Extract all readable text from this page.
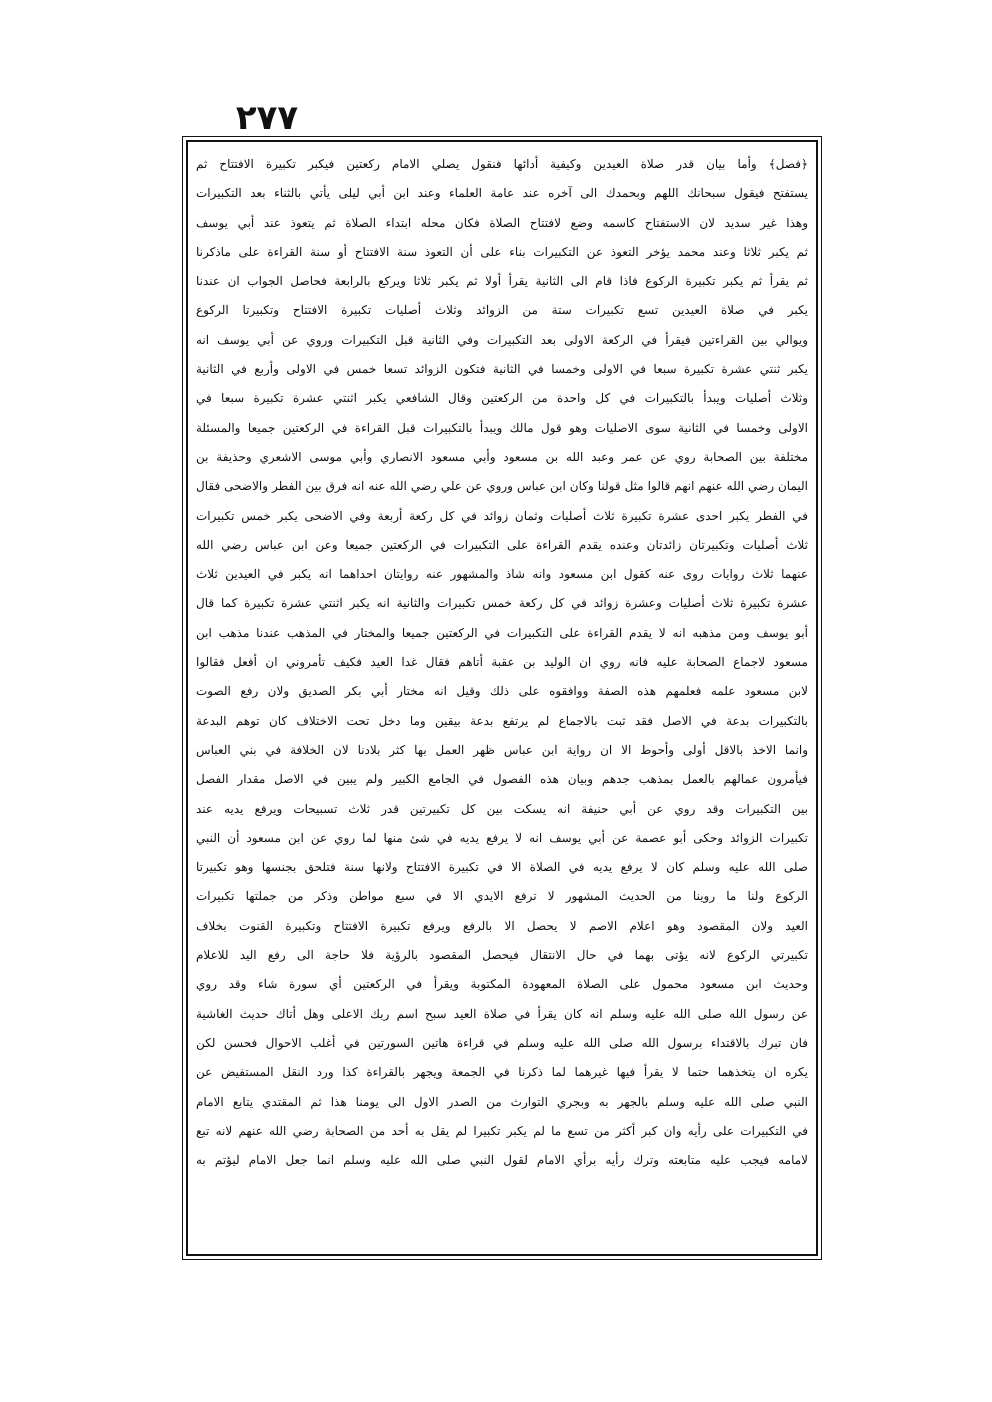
٢٧٧
﴿فصل﴾ وأما بيان قدر صلاة العيدين وكيفية أدائها فنقول يصلي الامام ركعتين فيكبر تكبيرة الافتتاح ثم
يستفتح فيقول سبحانك اللهم وبحمدك الى آخره عند عامة العلماء وعند ابن أبي ليلى يأتي بالثناء بعد التكبيرات
وهذا غير سديد لان الاستفتاح كاسمه وضع لافتتاح الصلاة فكان محله ابتداء الصلاة ثم يتعوذ عند أبي يوسف
ثم يكبر ثلاثا وعند محمد يؤخر التعوذ عن التكبيرات بناء على أن التعوذ سنة الافتتاح أو سنة القراءة على ماذكرنا
ثم يقرأ ثم يكبر تكبيرة الركوع فاذا قام الى الثانية يقرأ أولا ثم يكبر ثلاثا ويركع بالرابعة فحاصل الجواب ان عندنا
يكبر في صلاة العيدين تسع تكبيرات ستة من الزوائد وثلاث أصليات تكبيرة الافتتاح وتكبيرتا الركوع
ويوالي بين القراءتين فيقرأ في الركعة الاولى بعد التكبيرات وفي الثانية قبل التكبيرات وروي عن أبي يوسف انه
يكبر ثنتي عشرة تكبيرة سبعا في الاولى وخمسا في الثانية فتكون الزوائد تسعا خمس في الاولى وأربع في الثانية
وثلاث أصليات ويبدأ بالتكبيرات في كل واحدة من الركعتين وقال الشافعي يكبر اثنتي عشرة تكبيرة سبعا في
الاولى وخمسا في الثانية سوى الاصليات وهو قول مالك ويبدأ بالتكبيرات قبل القراءة في الركعتين جميعا والمسئلة
مختلفة بين الصحابة روي عن عمر وعبد الله بن مسعود وأبي مسعود الانصاري وأبي موسى الاشعري وحذيفة بن
اليمان رضي الله عنهم انهم قالوا مثل قولنا وكان ابن عباس وروي عن علي رضي الله عنه انه فرق بين الفطر والاضحى فقال
في الفطر يكبر احدى عشرة تكبيرة ثلاث أصليات وثمان زوائد في كل ركعة أربعة وفي الاضحى يكبر خمس تكبيرات
ثلاث أصليات وتكبيرتان زائدتان وعنده يقدم القراءة على التكبيرات في الركعتين جميعا وعن ابن عباس رضي الله
عنهما ثلاث روايات روى عنه كقول ابن مسعود وانه شاذ والمشهور عنه روايتان احداهما انه يكبر في العيدين ثلاث
عشرة تكبيرة ثلاث أصليات وعشرة زوائد في كل ركعة خمس تكبيرات والثانية انه يكبر اثنتي عشرة تكبيرة كما قال
أبو يوسف ومن مذهبه انه لا يقدم القراءة على التكبيرات في الركعتين جميعا والمختار في المذهب عندنا مذهب ابن
مسعود لاجماع الصحابة عليه فانه روي ان الوليد بن عقبة أتاهم فقال غدا العيد فكيف تأمروني ان أفعل فقالوا
لابن مسعود علمه فعلمهم هذه الصفة ووافقوه على ذلك وقيل انه مختار أبي بكر الصديق ولان رفع الصوت
بالتكبيرات بدعة في الاصل فقد ثبت بالاجماع لم يرتفع بدعة بيقين وما دخل تحت الاختلاف كان توهم البدعة
وانما الاخذ بالاقل أولى وأحوط الا ان رواية ابن عباس ظهر العمل بها كثر بلادنا لان الخلافة في بني العباس
فيأمرون عمالهم بالعمل بمذهب جدهم وبيان هذه الفصول في الجامع الكبير ولم يبين في الاصل مقدار الفصل
بين التكبيرات وقد روي عن أبي حنيفة انه يسكت بين كل تكبيرتين قدر ثلاث تسبيحات ويرفع يديه عند
تكبيرات الزوائد وحكى أبو عصمة عن أبي يوسف انه لا يرفع يديه في شئ منها لما روي عن ابن مسعود أن النبي
صلى الله عليه وسلم كان لا يرفع يديه في الصلاة الا في تكبيرة الافتتاح ولانها سنة فتلحق بجنسها وهو تكبيرتا
الركوع ولنا ما روينا من الحديث المشهور لا ترفع الايدي الا في سبع مواطن وذكر من جملتها تكبيرات
العيد ولان المقصود وهو اعلام الاصم لا يحصل الا بالرفع ويرفع تكبيرة الافتتاح وتكبيرة القنوت بخلاف
تكبيرتي الركوع لانه يؤتى بهما في حال الانتقال فيحصل المقصود بالرؤية فلا حاجة الى رفع اليد للاعلام
وحديث ابن مسعود محمول على الصلاة المعهودة المكتوبة ويقرأ في الركعتين أي سورة شاء وقد روي
عن رسول الله صلى الله عليه وسلم انه كان يقرأ في صلاة العيد سبح اسم ربك الاعلى وهل أتاك حديث الغاشية
فان تبرك بالاقتداء برسول الله صلى الله عليه وسلم في قراءة هاتين السورتين في أغلب الاحوال فحسن لكن
يكره ان يتخذهما حتما لا يقرأ فيها غيرهما لما ذكرنا في الجمعة ويجهر بالقراءة كذا ورد النقل المستفيض عن
النبي صلى الله عليه وسلم بالجهر به وبجري التوارث من الصدر الاول الى يومنا هذا ثم المقتدي يتابع الامام
في التكبيرات على رأيه وان كبر أكثر من تسع ما لم يكبر تكبيرا لم يقل به أحد من الصحابة رضي الله عنهم لانه تبع
لامامه فيجب عليه متابعته وترك رأيه برأي الامام لقول النبي صلى الله عليه وسلم انما جعل الامام ليؤتم به
